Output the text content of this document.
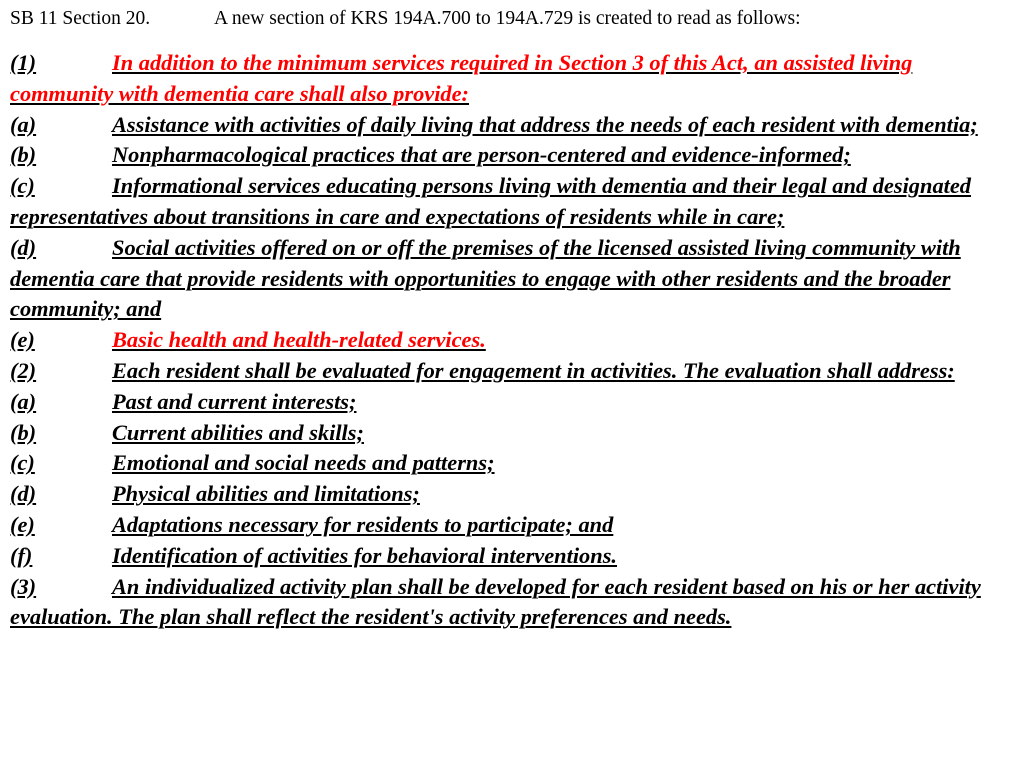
SB 11 Section 20.	A new section of KRS 194A.700 to 194A.729 is created to read as follows:

(1)	In addition to the minimum services required in Section 3 of this Act, an assisted living community with dementia care shall also provide:

(a)	Assistance with activities of daily living that address the needs of each resident with dementia;

(b)	Nonpharmacological practices that are person-centered and evidence-informed;

(c)	Informational services educating persons living with dementia and their legal and designated representatives about transitions in care and expectations of residents while in care;

(d)	Social activities offered on or off the premises of the licensed assisted living community with dementia care that provide residents with opportunities to engage with other residents and the broader community; and

(e)	Basic health and health-related services.

(2)	Each resident shall be evaluated for engagement in activities. The evaluation shall address:

(a)	Past and current interests;

(b)	Current abilities and skills;

(c)	Emotional and social needs and patterns;

(d)	Physical abilities and limitations;

(e)	Adaptations necessary for residents to participate; and

(f)	Identification of activities for behavioral interventions.

(3)	An individualized activity plan shall be developed for each resident based on his or her activity evaluation. The plan shall reflect the resident's activity preferences and needs.
